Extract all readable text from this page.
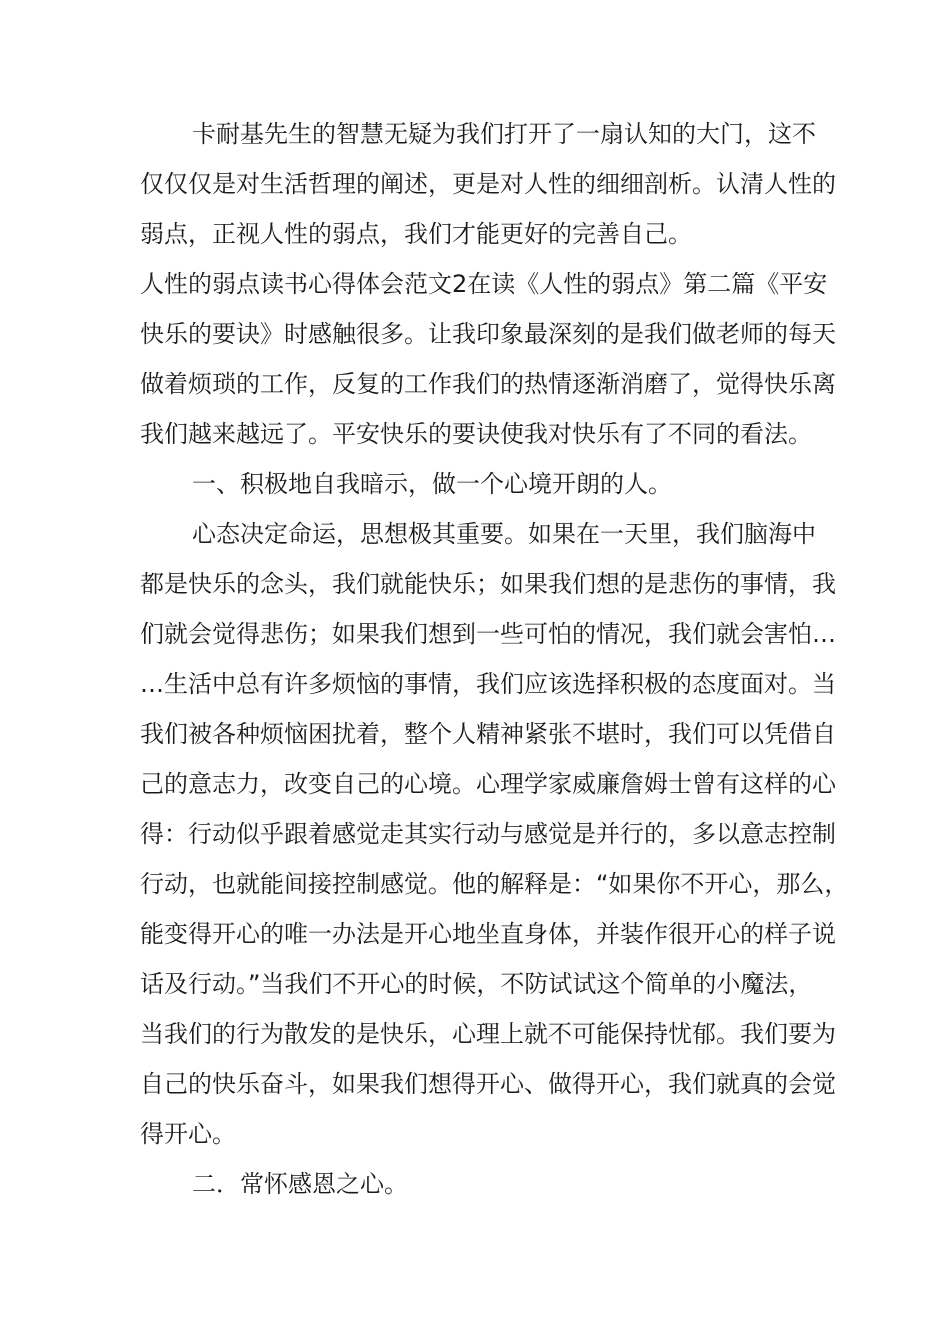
卡耐基先生的智慧无疑为我们打开了一扇认知的大门，这不

仅仅仅是对生活哲理的阐述，更是对人性的细细剖析。认清人性的

弱点，正视人性的弱点，我们才能更好的完善自己。

人性的弱点读书心得体会范文2在读《人性的弱点》第二篇《平安

快乐的要诀》时感触很多。让我印象最深刻的是我们做老师的每天

做着烦琐的工作，反复的工作我们的热情逐渐消磨了，觉得快乐离

我们越来越远了。平安快乐的要诀使我对快乐有了不同的看法。

一、积极地自我暗示，做一个心境开朗的人。

心态决定命运，思想极其重要。如果在一天里，我们脑海中

都是快乐的念头，我们就能快乐；如果我们想的是悲伤的事情，我

们就会觉得悲伤；如果我们想到一些可怕的情况，我们就会害怕…

…生活中总有许多烦恼的事情，我们应该选择积极的态度面对。当

我们被各种烦恼困扰着，整个人精神紧张不堪时，我们可以凭借自

己的意志力，改变自己的心境。心理学家威廉詹姆士曾有这样的心

得：行动似乎跟着感觉走其实行动与感觉是并行的，多以意志控制

行动，也就能间接控制感觉。他的解释是：“如果你不开心，那么，

能变得开心的唯一办法是开心地坐直身体，并装作很开心的样子说

话及行动。”当我们不开心的时候，不防试试这个简单的小魔法，

当我们的行为散发的是快乐，心理上就不可能保持忧郁。我们要为

自己的快乐奋斗，如果我们想得开心、做得开心，我们就真的会觉

得开心。

二．常怀感恩之心。
